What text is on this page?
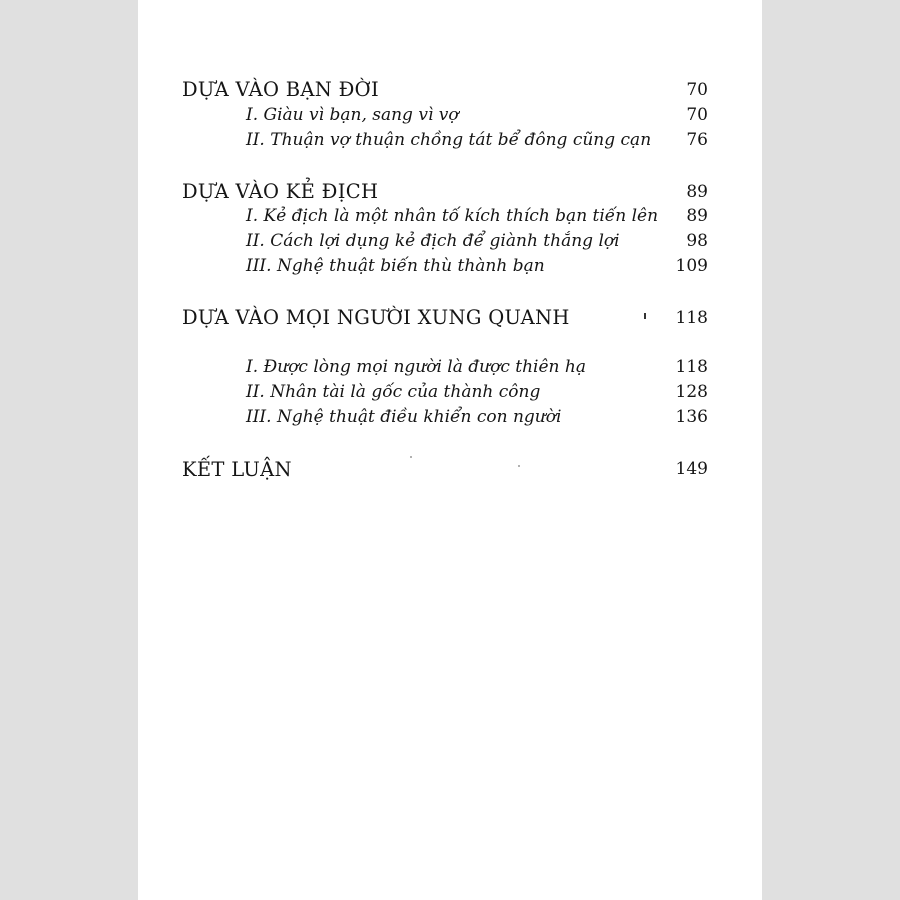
DỰA VÀO BẠN ĐỜI	70
I. Giàu vì bạn, sang vì vợ	70
II. Thuận vợ thuận chồng tát bể đông cũng cạn 76
DỰA VÀO KẺ ĐỊCH	89
I. Kẻ địch là một nhân tố kích thích bạn tiến lên 89
II. Cách lợi dụng kẻ địch để giành thắng lợi	98
III. Nghệ thuật biến thù thành bạn	109
DỰA VÀO MỌI NGƯỜI XUNG QUANH	118
I. Được lòng mọi người là được thiên hạ	118
II. Nhân tài là gốc của thành công	128
III. Nghệ thuật điều khiển con người	136
KẾT LUẬN	149
